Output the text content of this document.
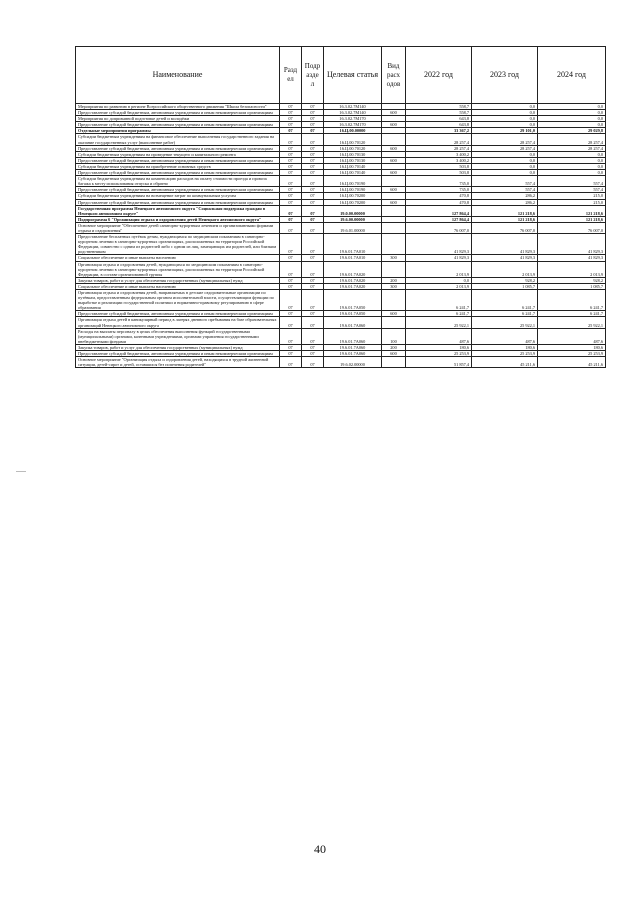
Наименование	Разд ел	Подр азде л	Целевая статья	Вид расх одов	2022 год	2023 год	2024 год
Мероприятия по развитию в регионе Всероссийского общественного движения "Школа безопасности"	07	07	16.3.02.7М140		558,7	0,0	0,0
Предоставление субсидий бюджетным, автономным учреждениям и иным некоммерческим организациям	07	07	16.3.02.7М140	600	558,7	0,0	0,0
Мероприятия по допризывной подготовке детей и молодёжи	07	07	16.3.02.7М170		643,8	0,0	0,0
Предоставление субсидий бюджетным, автономным учреждениям и иным некоммерческим организациям	07	07	16.3.02.7М170	600	643,8	0,0	0,0
Отдельные мероприятия программы	07	07	16.Ц.00.00000		33 367,2	29 101,0	29 029,8
Субсидии бюджетным учреждениям на финансовое обеспечение выполнения государственного задания на оказание государственных услуг (выполнение работ)	07	07	16.Ц.00.70120		28 257,4	28 257,4	28 257,4
Предоставление субсидий бюджетным, автономным учреждениям и иным некоммерческим организациям	07	07	16.Ц.00.70120	600	28 257,4	28 257,4	28 257,4
Субсидии бюджетным учреждениям на проведение текущего и капитального ремонта	07	07	16.Ц.00.70130		3 400,2	0,0	0,0
Предоставление субсидий бюджетным, автономным учреждениям и иным некоммерческим организациям	07	07	16.Ц.00.70130	600	3 400,2	0,0	0,0
Субсидии бюджетным учреждениям на приобретение основных средств	07	07	16.Ц.00.70140		503,8	0,0	0,0
Предоставление субсидий бюджетным, автономным учреждениям и иным некоммерческим организациям	07	07	16.Ц.00.70140	600	503,8	0,0	0,0
Субсидии бюджетным учреждениям на компенсацию расходов на оплату стоимости проезда и провоза багажа к месту использования отпуска и обратно	07	07	16.Ц.00.70190		735,0	557,4	557,4
Предоставление субсидий бюджетным, автономным учреждениям и иным некоммерческим организациям	07	07	16.Ц.00.70190	600	735,0	557,4	557,4
Субсидии бюджетным учреждениям на возмещение затрат по коммунальным услугам	07	07	16.Ц.00.70200		470,8	286,2	215,0
Предоставление субсидий бюджетным, автономным учреждениям и иным некоммерческим организациям	07	07	16.Ц.00.70200	600	470,8	286,2	215,0
Государственная программа Ненецкого автономного округа "Социальная поддержка граждан в Ненецком автономном округе"	07	07	19.0.00.00000		127 864,4	121 218,6	121 218,6
Подпрограмма 6 "Организация отдыха и оздоровления детей Ненецкого автономного округа"	07	07	19.6.00.00000		127 864,4	121 218,6	121 218,6
Основное мероприятие "Обеспечение детей санаторно-курортным лечением и организованными формами отдыха и оздоровления"	07	07	19.6.01.00000		76 007,0	76 007,0	76 007,0
Предоставление бесплатных путёвок детям, нуждающимся по медицинским показаниям в санаторно-курортном лечении в санаторно-курортных организациях, расположенных на территории Российской Федерации, совместно с одним из родителей либо с одним из лиц, замещающих им родителей, или близким родственником	07	07	19.6.01.7А010		41 829,3	41 829,3	41 829,3
Социальное обеспечение и иные выплаты населению	07	07	19.6.01.7А010	300	41 829,3	41 829,3	41 829,3
Организация отдыха и оздоровления детей, нуждающихся по медицинским показаниям в санаторно-курортном лечении в санаторно-курортных организациях, расположенных на территории Российской Федерации, в составе организованной группы	07	07	19.6.01.7А020		2 013,9	2 013,9	2 013,9
Закупка товаров, работ и услуг для обеспечения государственных (муниципальных) нужд	07	07	19.6.01.7А020	200	0,0	928,2	928,2
Социальное обеспечение и иные выплаты населению	07	07	19.6.01.7А020	300	2 013,9	1 085,7	1 085,7
Организация отдыха и оздоровления детей, направляемых в детские оздоровительные организации по путёвкам, предоставленным федеральным органом исполнительной власти, осуществляющим функции по выработке и реализации государственной политики и нормативно-правовому регулированию в сфере образования	07	07	19.6.01.7А050		6 241,7	6 241,7	6 241,7
Предоставление субсидий бюджетным, автономным учреждениям и иным некоммерческим организациям	07	07	19.6.01.7А050	600	6 241,7	6 241,7	6 241,7
Организация отдыха детей в каникулярный период в лагерях дневного пребывания на базе образовательных организаций Ненецкого автономного округа	07	07	19.6.01.7А060		25 922,1	25 922,1	25 922,1
Расходы на выплаты персоналу в целях обеспечения выполнения функций государственными (муниципальными) органами, казенными учреждениями, органами управления государственными внебюджетными фондами	07	07	19.6.01.7А060	100	487,6	487,6	487,6
Закупка товаров, работ и услуг для обеспечения государственных (муниципальных) нужд	07	07	19.6.01.7А060	200	180,6	180,6	180,6
Предоставление субсидий бюджетным, автономным учреждениям и иным некоммерческим организациям	07	07	19.6.01.7А060	600	25 253,9	25 253,9	25 253,9
Основное мероприятие "Организация отдыха и оздоровления детей, находящихся в трудной жизненной ситуации, детей-сирот и детей, оставшихся без попечения родителей"	07	07	19.6.02.00000		51 857,4	45 211,6	45 211,6
40
